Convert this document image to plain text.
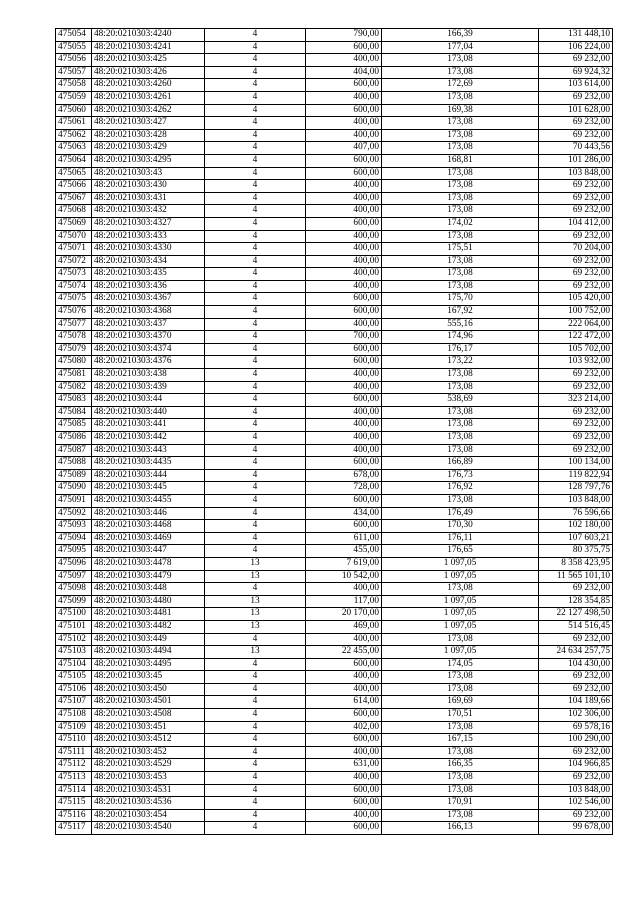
475054	48:20:0210303:4240	4	790,00	166,39	131 448,10
475055	48:20:0210303:4241	4	600,00	177,04	106 224,00
475056	48:20:0210303:425	4	400,00	173,08	69 232,00
475057	48:20:0210303:426	4	404,00	173,08	69 924,32
475058	48:20:0210303:4260	4	600,00	172,69	103 614,00
475059	48:20:0210303:4261	4	400,00	173,08	69 232,00
475060	48:20:0210303:4262	4	600,00	169,38	101 628,00
475061	48:20:0210303:427	4	400,00	173,08	69 232,00
475062	48:20:0210303:428	4	400,00	173,08	69 232,00
475063	48:20:0210303:429	4	407,00	173,08	70 443,56
475064	48:20:0210303:4295	4	600,00	168,81	101 286,00
475065	48:20:0210303:43	4	600,00	173,08	103 848,00
475066	48:20:0210303:430	4	400,00	173,08	69 232,00
475067	48:20:0210303:431	4	400,00	173,08	69 232,00
475068	48:20:0210303:432	4	400,00	173,08	69 232,00
475069	48:20:0210303:4327	4	600,00	174,02	104 412,00
475070	48:20:0210303:433	4	400,00	173,08	69 232,00
475071	48:20:0210303:4330	4	400,00	175,51	70 204,00
475072	48:20:0210303:434	4	400,00	173,08	69 232,00
475073	48:20:0210303:435	4	400,00	173,08	69 232,00
475074	48:20:0210303:436	4	400,00	173,08	69 232,00
475075	48:20:0210303:4367	4	600,00	175,70	105 420,00
475076	48:20:0210303:4368	4	600,00	167,92	100 752,00
475077	48:20:0210303:437	4	400,00	555,16	222 064,00
475078	48:20:0210303:4370	4	700,00	174,96	122 472,00
475079	48:20:0210303:4374	4	600,00	176,17	105 702,00
475080	48:20:0210303:4376	4	600,00	173,22	103 932,00
475081	48:20:0210303:438	4	400,00	173,08	69 232,00
475082	48:20:0210303:439	4	400,00	173,08	69 232,00
475083	48:20:0210303:44	4	600,00	538,69	323 214,00
475084	48:20:0210303:440	4	400,00	173,08	69 232,00
475085	48:20:0210303:441	4	400,00	173,08	69 232,00
475086	48:20:0210303:442	4	400,00	173,08	69 232,00
475087	48:20:0210303:443	4	400,00	173,08	69 232,00
475088	48:20:0210303:4435	4	600,00	166,89	100 134,00
475089	48:20:0210303:444	4	678,00	176,73	119 822,94
475090	48:20:0210303:445	4	728,00	176,92	128 797,76
475091	48:20:0210303:4455	4	600,00	173,08	103 848,00
475092	48:20:0210303:446	4	434,00	176,49	76 596,66
475093	48:20:0210303:4468	4	600,00	170,30	102 180,00
475094	48:20:0210303:4469	4	611,00	176,11	107 603,21
475095	48:20:0210303:447	4	455,00	176,65	80 375,75
475096	48:20:0210303:4478	13	7 619,00	1 097,05	8 358 423,95
475097	48:20:0210303:4479	13	10 542,00	1 097,05	11 565 101,10
475098	48:20:0210303:448	4	400,00	173,08	69 232,00
475099	48:20:0210303:4480	13	117,00	1 097,05	128 354,85
475100	48:20:0210303:4481	13	20 170,00	1 097,05	22 127 498,50
475101	48:20:0210303:4482	13	469,00	1 097,05	514 516,45
475102	48:20:0210303:449	4	400,00	173,08	69 232,00
475103	48:20:0210303:4494	13	22 455,00	1 097,05	24 634 257,75
475104	48:20:0210303:4495	4	600,00	174,05	104 430,00
475105	48:20:0210303:45	4	400,00	173,08	69 232,00
475106	48:20:0210303:450	4	400,00	173,08	69 232,00
475107	48:20:0210303:4501	4	614,00	169,69	104 189,66
475108	48:20:0210303:4508	4	600,00	170,51	102 306,00
475109	48:20:0210303:451	4	402,00	173,08	69 578,16
475110	48:20:0210303:4512	4	600,00	167,15	100 290,00
475111	48:20:0210303:452	4	400,00	173,08	69 232,00
475112	48:20:0210303:4529	4	631,00	166,35	104 966,85
475113	48:20:0210303:453	4	400,00	173,08	69 232,00
475114	48:20:0210303:4531	4	600,00	173,08	103 848,00
475115	48:20:0210303:4536	4	600,00	170,91	102 546,00
475116	48:20:0210303:454	4	400,00	173,08	69 232,00
475117	48:20:0210303:4540	4	600,00	166,13	99 678,00
